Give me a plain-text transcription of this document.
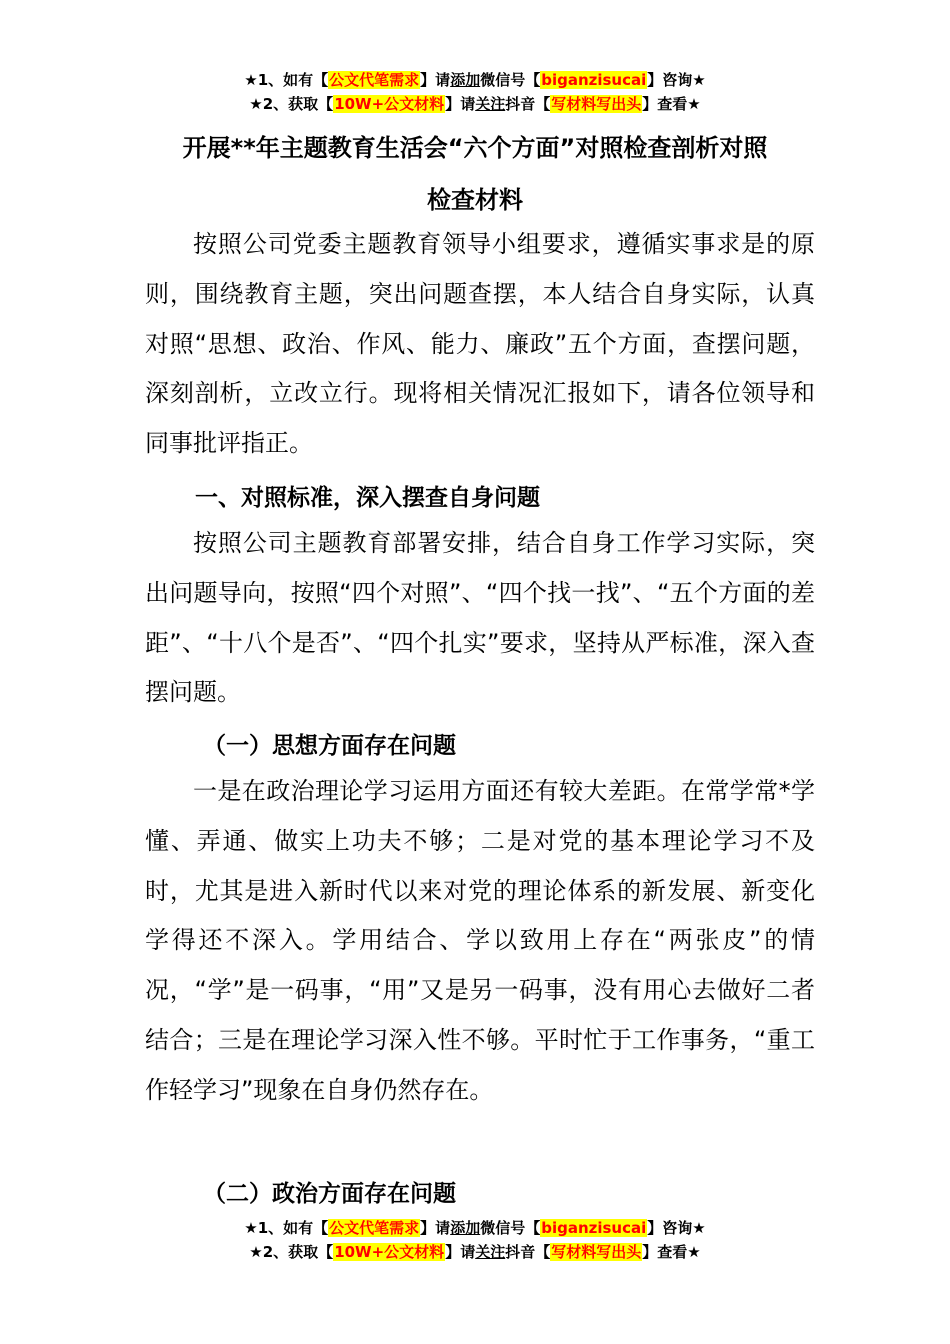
★1、如有【公文代笔需求】请添加微信号【biganzisucai】咨询★
★2、获取【10W+公文材料】请关注抖音【写材料写出头】查看★
开展**年主题教育生活会“六个方面”对照检查剖析对照
检查材料
按照公司党委主题教育领导小组要求，遵循实事求是的原则，围绕教育主题，突出问题查摆，本人结合自身实际，认真对照“思想、政治、作风、能力、廉政”五个方面，查摆问题，深刻剖析，立改立行。现将相关情况汇报如下，请各位领导和同事批评指正。
一、对照标准，深入摆查自身问题
按照公司主题教育部署安排，结合自身工作学习实际，突出问题导向，按照“四个对照”、“四个找一找”、“五个方面的差距”、“十八个是否”、“四个扎实”要求，坚持从严标准，深入查摆问题。
（一）思想方面存在问题
一是在政治理论学习运用方面还有较大差距。在常学常*学懂、弄通、做实上功夫不够；二是对党的基本理论学习不及时，尤其是进入新时代以来对党的理论体系的新发展、新变化学得还不深入。学用结合、学以致用上存在“两张皮”的情况，“学”是一码事，“用”又是另一码事，没有用心去做好二者结合；三是在理论学习深入性不够。平时忙于工作事务，“重工作轻学习”现象在自身仍然存在。
（二）政治方面存在问题
★1、如有【公文代笔需求】请添加微信号【biganzisucai】咨询★
★2、获取【10W+公文材料】请关注抖音【写材料写出头】查看★
